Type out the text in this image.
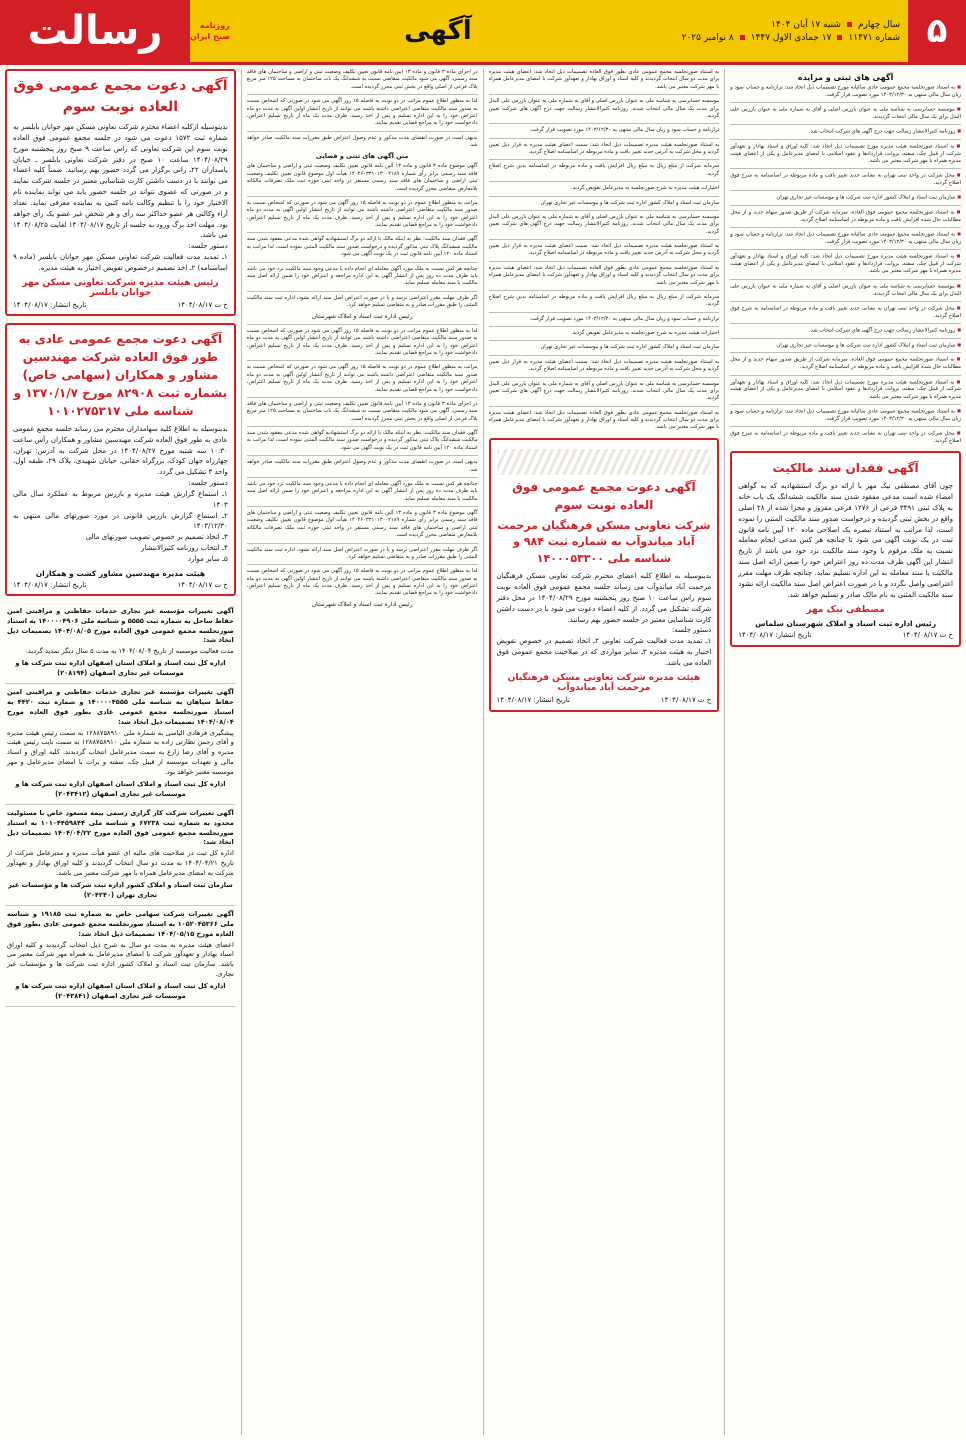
رسالت	روزنامه
صبح ایران	آگهی	سال چهارم
شنبه ۱۷ آبان ۱۴۰۴
شماره ۱۱۴۷۱
۱۷ جمادی الاول ۱۴۴۷
۸ نوامبر ۲۰۲۵	۵
آگهی های ثبتی و مزایده
■ به استناد صورتجلسه مجمع عمومی عادی سالیانه مورخ تصمیمات ذیل اتخاذ شد: ترازنامه و حساب سود و زیان سال مالی منتهی به ۱۴۰۳/۱۲/۳۰ مورد تصویب قرار گرفت.
■ موسسه حسابرسی به شناسه ملی به عنوان بازرس اصلی و آقای به شماره ملی به عنوان بازرس علی البدل برای یک سال مالی انتخاب گردیدند.
■ روزنامه کثیرالانتشار رسالت جهت درج آگهی های شرکت انتخاب شد.
■ به استناد صورتجلسه هیئت مدیره مورخ تصمیمات ذیل اتخاذ شد: کلیه اوراق و اسناد بهادار و تعهدآور شرکت از قبیل چک، سفته، بروات، قراردادها و عقود اسلامی با امضای مدیرعامل و یکی از اعضای هیئت مدیره همراه با مهر شرکت معتبر می باشد.
■ محل شرکت در واحد ثبتی تهران به نشانی جدید تغییر یافت و ماده مربوطه در اساسنامه به شرح فوق اصلاح گردید.
■ سازمان ثبت اسناد و املاک کشور اداره ثبت شرکت ها و موسسات غیر تجاری تهران
■ به استناد صورتجلسه مجمع عمومی فوق العاده، سرمایه شرکت از طریق صدور سهام جدید و از محل مطالبات حال شده افزایش یافت و ماده مربوطه در اساسنامه اصلاح گردید.
■ به استناد صورتجلسه مجمع عمومی عادی سالیانه مورخ تصمیمات ذیل اتخاذ شد: ترازنامه و حساب سود و زیان سال مالی منتهی به ۱۴۰۳/۱۲/۳۰ مورد تصویب قرار گرفت.
■ به استناد صورتجلسه هیئت مدیره مورخ تصمیمات ذیل اتخاذ شد: کلیه اوراق و اسناد بهادار و تعهدآور شرکت از قبیل چک، سفته، بروات، قراردادها و عقود اسلامی با امضای مدیرعامل و یکی از اعضای هیئت مدیره همراه با مهر شرکت معتبر می باشد.
■ موسسه حسابرسی به شناسه ملی به عنوان بازرس اصلی و آقای به شماره ملی به عنوان بازرس علی البدل برای یک سال مالی انتخاب گردیدند.
■ محل شرکت در واحد ثبتی تهران به نشانی جدید تغییر یافت و ماده مربوطه در اساسنامه به شرح فوق اصلاح گردید.
■ روزنامه کثیرالانتشار رسالت جهت درج آگهی های شرکت انتخاب شد.
■ سازمان ثبت اسناد و املاک کشور اداره ثبت شرکت ها و موسسات غیر تجاری تهران
■ به استناد صورتجلسه مجمع عمومی فوق العاده، سرمایه شرکت از طریق صدور سهام جدید و از محل مطالبات حال شده افزایش یافت و ماده مربوطه در اساسنامه اصلاح گردید.
■ به استناد صورتجلسه هیئت مدیره مورخ تصمیمات ذیل اتخاذ شد: کلیه اوراق و اسناد بهادار و تعهدآور شرکت از قبیل چک، سفته، بروات، قراردادها و عقود اسلامی با امضای مدیرعامل و یکی از اعضای هیئت مدیره همراه با مهر شرکت معتبر می باشد.
■ به استناد صورتجلسه مجمع عمومی عادی سالیانه مورخ تصمیمات ذیل اتخاذ شد: ترازنامه و حساب سود و زیان سال مالی منتهی به ۱۴۰۳/۱۲/۳۰ مورد تصویب قرار گرفت.
■ محل شرکت در واحد ثبتی تهران به نشانی جدید تغییر یافت و ماده مربوطه در اساسنامه به شرح فوق اصلاح گردید.
آگهی فقدان سند مالکیت
چون آقای مصطفی نیک مهر با ارائه دو برگ استشهادیه که به گواهی امضاء شده است مدعی مفقود شدن سند مالکیت ششدانگ یک باب خانه به پلاک ثبتی ۳۴۹۱ فرعی از ۱۲۷۶ فرعی مفروز و مجزا شده از ۲۸ اصلی واقع در بخش ثبتی گردیده و درخواست صدور سند مالکیت المثنی را نموده است، لذا مراتب به استناد تبصره یک اصلاحی ماده ۱۲۰ آیین نامه قانون ثبت در یک نوبت آگهی می شود تا چنانچه هر کس مدعی انجام معامله نسبت به ملک مرقوم یا وجود سند مالکیت نزد خود می باشد از تاریخ انتشار این آگهی ظرف مدت ده روز اعتراض خود را ضمن ارائه اصل سند مالکیت یا سند معامله به این اداره تسلیم نماید. چنانچه ظرف مهلت مقرر اعتراضی واصل نگردد و یا در صورت اعتراض اصل سند مالکیت ارائه نشود سند مالکیت المثنی به نام مالک صادر و تسلیم خواهد شد.
مصطفی نیک مهر
رئیس اداره ثبت اسناد و املاک شهرستان سلماس
خ ت ۱۴۰۴/۰۸/۱۷
تاریخ انتشار: ۱۴۰۴/۰۸/۱۷
به استناد صورتجلسه مجمع عمومی عادی بطور فوق العاده تصمیمات ذیل اتخاذ شد: اعضای هیئت مدیره برای مدت دو سال انتخاب گردیدند و کلیه اسناد و اوراق بهادار و تعهدآور شرکت با امضای مدیرعامل همراه با مهر شرکت معتبر می باشد.
موسسه حسابرسی به شناسه ملی به عنوان بازرس اصلی و آقای به شماره ملی به عنوان بازرس علی البدل برای مدت یک سال مالی انتخاب شدند. روزنامه کثیرالانتشار رسالت جهت درج آگهی های شرکت تعیین گردید.
ترازنامه و حساب سود و زیان سال مالی منتهی به ۱۴۰۳/۱۲/۳۰ مورد تصویب قرار گرفت.
به استناد صورتجلسه هیئت مدیره تصمیمات ذیل اتخاذ شد: سمت اعضای هیئت مدیره به قرار ذیل تعیین گردید و محل شرکت به آدرس جدید تغییر یافت و ماده مربوطه در اساسنامه اصلاح گردید.
سرمایه شرکت از مبلغ ریال به مبلغ ریال افزایش یافت و ماده مربوطه در اساسنامه بدین شرح اصلاح گردید.
اختیارات هیئت مدیره به شرح صورتجلسه به مدیرعامل تفویض گردید.
سازمان ثبت اسناد و املاک کشور اداره ثبت شرکت ها و موسسات غیر تجاری تهران
موسسه حسابرسی به شناسه ملی به عنوان بازرس اصلی و آقای به شماره ملی به عنوان بازرس علی البدل برای مدت یک سال مالی انتخاب شدند. روزنامه کثیرالانتشار رسالت جهت درج آگهی های شرکت تعیین گردید.
به استناد صورتجلسه هیئت مدیره تصمیمات ذیل اتخاذ شد: سمت اعضای هیئت مدیره به قرار ذیل تعیین گردید و محل شرکت به آدرس جدید تغییر یافت و ماده مربوطه در اساسنامه اصلاح گردید.
به استناد صورتجلسه مجمع عمومی عادی بطور فوق العاده تصمیمات ذیل اتخاذ شد: اعضای هیئت مدیره برای مدت دو سال انتخاب گردیدند و کلیه اسناد و اوراق بهادار و تعهدآور شرکت با امضای مدیرعامل همراه با مهر شرکت معتبر می باشد.
سرمایه شرکت از مبلغ ریال به مبلغ ریال افزایش یافت و ماده مربوطه در اساسنامه بدین شرح اصلاح گردید.
ترازنامه و حساب سود و زیان سال مالی منتهی به ۱۴۰۳/۱۲/۳۰ مورد تصویب قرار گرفت.
اختیارات هیئت مدیره به شرح صورتجلسه به مدیرعامل تفویض گردید.
سازمان ثبت اسناد و املاک کشور اداره ثبت شرکت ها و موسسات غیر تجاری تهران
به استناد صورتجلسه هیئت مدیره تصمیمات ذیل اتخاذ شد: سمت اعضای هیئت مدیره به قرار ذیل تعیین گردید و محل شرکت به آدرس جدید تغییر یافت و ماده مربوطه در اساسنامه اصلاح گردید.
موسسه حسابرسی به شناسه ملی به عنوان بازرس اصلی و آقای به شماره ملی به عنوان بازرس علی البدل برای مدت یک سال مالی انتخاب شدند. روزنامه کثیرالانتشار رسالت جهت درج آگهی های شرکت تعیین گردید.
به استناد صورتجلسه مجمع عمومی عادی بطور فوق العاده تصمیمات ذیل اتخاذ شد: اعضای هیئت مدیره برای مدت دو سال انتخاب گردیدند و کلیه اسناد و اوراق بهادار و تعهدآور شرکت با امضای مدیرعامل همراه با مهر شرکت معتبر می باشد.
آگهی دعوت مجمع عمومی فوق العاده نوبت سوم
شرکت تعاونی مسکن فرهنگیان مرحمت آباد میاندوآب به شماره ثبت ۹۸۴ و شناسه ملی ۱۴۰۰۰۵۳۳۰۰
بدینوسیله به اطلاع کلیه اعضای محترم شرکت تعاونی مسکن فرهنگیان مرحمت آباد میاندوآب می رساند جلسه مجمع عمومی فوق العاده نوبت سوم راس ساعت ۱۰ صبح روز پنجشنبه مورخ ۱۴۰۴/۰۸/۲۹ در محل دفتر شرکت تشکیل می گردد. از کلیه اعضاء دعوت می شود با در دست داشتن کارت شناسایی معتبر در جلسه حضور بهم رسانند.
دستور جلسه:
۱ـ تمدید مدت فعالیت شرکت تعاونی ۲ـ اتخاذ تصمیم در خصوص تفویض اختیار به هیئت مدیره ۳ـ سایر مواردی که در صلاحیت مجمع عمومی فوق العاده می باشد.
هیئت مدیره شرکت تعاونی مسکن فرهنگیان مرحمت آباد میاندوآب
خ ت ۱۴۰۴/۰۸/۱۷
تاریخ انتشار: ۱۴۰۴/۰۸/۱۷
در اجرای ماده ۳ قانون و ماده ۱۳ آیین نامه قانون تعیین تکلیف وضعیت ثبتی و اراضی و ساختمان های فاقد سند رسمی، آگهی می شود مالکیت متقاضی نسبت به ششدانگ یک باب ساختمان به مساحت ۱۲۵ متر مربع پلاک فرعی از اصلی واقع در بخش ثبتی محرز گردیده است.
لذا به منظور اطلاع عموم مراتب در دو نوبت به فاصله ۱۵ روز آگهی می شود در صورتی که اشخاص نسبت به صدور سند مالکیت متقاضی اعتراضی داشته باشند می توانند از تاریخ انتشار اولین آگهی به مدت دو ماه اعتراض خود را به این اداره تسلیم و پس از اخذ رسید، ظرف مدت یک ماه از تاریخ تسلیم اعتراض، دادخواست خود را به مراجع قضایی تقدیم نمایند.
بدیهی است در صورت انقضای مدت مذکور و عدم وصول اعتراض طبق مقررات سند مالکیت صادر خواهد شد.
متن آگهی های ثبتی و قضایی
آگهی موضوع ماده ۳ قانون و ماده ۱۳ آئین نامه قانون تعیین تکلیف وضعیت ثبتی و اراضی و ساختمان های فاقد سند رسمی برابر رأی شماره ۱۴۰۴۶۰۳۳۱۰۱۳۰۰۲۱۸۹ هیأت اول موضوع قانون تعیین تکلیف وضعیت ثبتی اراضی و ساختمان های فاقد سند رسمی مستقر در واحد ثبتی حوزه ثبت ملک تصرفات مالکانه بلامعارض متقاضی محرز گردیده است.
مراتب به منظور اطلاع عموم در دو نوبت به فاصله ۱۵ روز آگهی می شود در صورتی که اشخاص نسبت به صدور سند مالکیت متقاضی اعتراضی داشته باشند می توانند از تاریخ انتشار اولین آگهی به مدت دو ماه اعتراض خود را به این اداره تسلیم و پس از اخذ رسید، ظرف مدت یک ماه از تاریخ تسلیم اعتراض، دادخواست خود را به مراجع قضایی تقدیم نمایند.
آگهی فقدان سند مالکیت: نظر به اینکه مالک با ارائه دو برگ استشهادیه گواهی شده مدعی مفقود شدن سند مالکیت ششدانگ پلاک ثبتی مذکور گردیده و درخواست صدور سند مالکیت المثنی نموده است، لذا مراتب به استناد ماده ۱۲۰ آیین نامه قانون ثبت در یک نوبت آگهی می شود.
چنانچه هر کس نسبت به ملک مورد آگهی معامله ای انجام داده یا مدعی وجود سند مالکیت نزد خود می باشد باید ظرف مدت ده روز پس از انتشار آگهی به این اداره مراجعه و اعتراض خود را ضمن ارائه اصل سند مالکیت یا سند معامله تسلیم نماید.
اگر ظرف مهلت مقرر اعتراضی نرسد و یا در صورت اعتراض اصل سند ارائه نشود، اداره ثبت سند مالکیت المثنی را طبق مقررات صادر و به متقاضی تسلیم خواهد کرد.
رئیس اداره ثبت اسناد و املاک شهرستان
لذا به منظور اطلاع عموم مراتب در دو نوبت به فاصله ۱۵ روز آگهی می شود در صورتی که اشخاص نسبت به صدور سند مالکیت متقاضی اعتراضی داشته باشند می توانند از تاریخ انتشار اولین آگهی به مدت دو ماه اعتراض خود را به این اداره تسلیم و پس از اخذ رسید، ظرف مدت یک ماه از تاریخ تسلیم اعتراض، دادخواست خود را به مراجع قضایی تقدیم نمایند.
مراتب به منظور اطلاع عموم در دو نوبت به فاصله ۱۵ روز آگهی می شود در صورتی که اشخاص نسبت به صدور سند مالکیت متقاضی اعتراضی داشته باشند می توانند از تاریخ انتشار اولین آگهی به مدت دو ماه اعتراض خود را به این اداره تسلیم و پس از اخذ رسید، ظرف مدت یک ماه از تاریخ تسلیم اعتراض، دادخواست خود را به مراجع قضایی تقدیم نمایند.
در اجرای ماده ۳ قانون و ماده ۱۳ آیین نامه قانون تعیین تکلیف وضعیت ثبتی و اراضی و ساختمان های فاقد سند رسمی، آگهی می شود مالکیت متقاضی نسبت به ششدانگ یک باب ساختمان به مساحت ۱۲۵ متر مربع پلاک فرعی از اصلی واقع در بخش ثبتی محرز گردیده است.
آگهی فقدان سند مالکیت: نظر به اینکه مالک با ارائه دو برگ استشهادیه گواهی شده مدعی مفقود شدن سند مالکیت ششدانگ پلاک ثبتی مذکور گردیده و درخواست صدور سند مالکیت المثنی نموده است، لذا مراتب به استناد ماده ۱۲۰ آیین نامه قانون ثبت در یک نوبت آگهی می شود.
بدیهی است در صورت انقضای مدت مذکور و عدم وصول اعتراض طبق مقررات سند مالکیت صادر خواهد شد.
چنانچه هر کس نسبت به ملک مورد آگهی معامله ای انجام داده یا مدعی وجود سند مالکیت نزد خود می باشد باید ظرف مدت ده روز پس از انتشار آگهی به این اداره مراجعه و اعتراض خود را ضمن ارائه اصل سند مالکیت یا سند معامله تسلیم نماید.
آگهی موضوع ماده ۳ قانون و ماده ۱۳ آئین نامه قانون تعیین تکلیف وضعیت ثبتی و اراضی و ساختمان های فاقد سند رسمی برابر رأی شماره ۱۴۰۴۶۰۳۳۱۰۱۳۰۰۲۱۸۹ هیأت اول موضوع قانون تعیین تکلیف وضعیت ثبتی اراضی و ساختمان های فاقد سند رسمی مستقر در واحد ثبتی حوزه ثبت ملک تصرفات مالکانه بلامعارض متقاضی محرز گردیده است.
اگر ظرف مهلت مقرر اعتراضی نرسد و یا در صورت اعتراض اصل سند ارائه نشود، اداره ثبت سند مالکیت المثنی را طبق مقررات صادر و به متقاضی تسلیم خواهد کرد.
لذا به منظور اطلاع عموم مراتب در دو نوبت به فاصله ۱۵ روز آگهی می شود در صورتی که اشخاص نسبت به صدور سند مالکیت متقاضی اعتراضی داشته باشند می توانند از تاریخ انتشار اولین آگهی به مدت دو ماه اعتراض خود را به این اداره تسلیم و پس از اخذ رسید، ظرف مدت یک ماه از تاریخ تسلیم اعتراض، دادخواست خود را به مراجع قضایی تقدیم نمایند.
رئیس اداره ثبت اسناد و املاک شهرستان
آگهی دعوت مجمع عمومی فوق العاده نوبت سوم
بدینوسیله ازکلیه اعضاء محترم شرکت تعاونی مسکن مهر جوانان بابلسر به شماره ثبت ۱۵۷۲ دعوت می شود در جلسه مجمع عمومی فوق العاده نوبت سوم این شرکت تعاونی که راس ساعت ۹ صبح روز پنجشنبه مورخ ۱۴۰۴/۰۸/۲۹ ساعت ۱۰ صبح در دفتر شرکت تعاونی بابلسر ـ خیابان پاسداران ۲۲ـ رانی برگزار می گردد حضور بهم رسانید. ضمناً کلیه اعضاء می توانند با در دست داشتن کارت شناسایی معتبر در جلسه شرکت نمایند و در صورتی که عضوی نتواند در جلسه حضور یابد می تواند نماینده تام الاختیار خود را با تنظیم وکالت نامه کتبی به نماینده معرفی نماید. تعداد آراء وکالتی هر عضو حداکثر سه رأی و هر شخص غیر عضو یک رأی خواهد بود. مهلت اخذ برگ ورود به جلسه از تاریخ ۱۴۰۴/۰۸/۱۷ لغایت ۱۴۰۴/۰۸/۲۵ می باشد.
دستور جلسه:
۱ـ تمدید مدت فعالیت شرکت تعاونی مسکن مهر جوانان بابلسر (ماده ۹ اساسنامه) ۲ـ اخذ تصمیم درخصوص تفویض اختیار به هیئت مدیره.
رئیس هیئت مدیره شرکت تعاونی مسکن مهر جوانان بابلسر
خ ت ۱۴۰۴/۰۸/۱۷
تاریخ انتشار: ۱۴۰۴/۰۸/۱۷
آگهی دعوت مجمع عمومی عادی به طور فوق العاده شرکت مهندسین مشاور و همکاران (سهامی خاص) بشماره ثبت ۸۲۹۰۸ مورخ ۱۳۷۰/۱/۷ و شناسه ملی ۱۰۱۰۲۷۵۳۱۷
بدینوسیله به اطلاع کلیه سهامداران محترم می رساند جلسه مجمع عمومی عادی به طور فوق العاده شرکت مهندسین مشاور و همکاران رأس ساعت ۱۰:۳۰ سه شنبه مورخ ۱۴۰۴/۰۸/۲۷ در محل شرکت به آدرس: تهران، چهارراه جهان کودک، بزرگراه حقانی، خیابان شهیدی، پلاک ۲۹، طبقه اول، واحد ۳ تشکیل می گردد.
دستور جلسه:
۱ـ استماع گزارش هیئت مدیره و بازرس مربوط به عملکرد سال مالی ۱۴۰۳
۲ـ استماع گزارش بازرس قانونی در مورد صورتهای مالی منتهی به ۱۴۰۳/۱۲/۳۰
۳ـ اتخاذ تصمیم بر خصوص تصویب صورتهای مالی
۴ـ انتخاب روزنامه کثیرالانتشار
۵ـ سایر موارد
هیئت مدیره مهندسین مشاور کشت و همکاران
خ ت ۱۴۰۴/۰۸/۱۷
تاریخ انتشار: ۱۴۰۴/۰۸/۱۷
آگهی تغییرات مؤسسه غیر تجاری خدمات حفاظتی و مراقبتی امین حفاظ ساحل به شماره ثبت ۵۵۵۵ و شناسه ملی ۱۴۰۰۰۰۴۹۰۶ به استناد صورتجلسه مجمع عمومی فوق العاده مورخ ۱۴۰۴/۰۸/۰۵ تصمیمات ذیل اتخاذ شد:
مدت فعالیت موسسه از تاریخ ۱۴۰۴/۰۸/۰۴ به مدت ۵ سال دیگر تمدید گردید.
اداره کل ثبت اسناد و املاک استان اصفهان اداره ثبت شرکت ها و موسسات غیر تجاری اصفهان (۲۰۸۱۹۴)
آگهی تغییرات مؤسسه غیر تجاری خدمات حفاظتی و مراقبتی امین حفاظ سپاهان به شناسه ملی ۱۴۰۰۰۰۴۵۵۵ و شماره ثبت ۴۴۲۰ به استناد صورتجلسه مجمع عمومی عادی بطور فوق العاده مورخ ۱۴۰۴/۰۸/۰۴ تصمیمات ذیل اتخاذ شد:
پیشگیری فرهادی الیاسی به شماره ملی ۱۲۸۸۷۵۸۹۱۰ به سمت رئیس هیئت مدیره و آقای رحمن نظارتی زاده به شماره ملی ۱۲۸۸۷۵۸۹۱۰ به سمت نایب رئیس هیئت مدیره و آقای رضا زارع به سمت مدیرعامل انتخاب گردیدند. کلیه اوراق و اسناد مالی و تعهدات موسسه از قبیل چک، سفته و برات با امضای مدیرعامل و مهر موسسه معتبر خواهد بود.
اداره کل ثبت اسناد و املاک استان اصفهان اداره ثبت شرکت ها و موسسات غیر تجاری اصفهان (۲۰۴۳۴۱۲)
آگهی تغییرات شرکت کار گزاری رسمی بیمه مسعود خاص با مسئولیت محدود به شماره ثبت ۶۷۲۳۸ و شناسه ملی ۱۰۱۰۴۴۵۹۸۴۴ به استناد صورتجلسه مجمع عمومی فوق العاده مورخ ۱۴۰۴/۰۴/۲۲ تصمیمات ذیل اتخاذ شد:
اداره کل ثبت در صلاحیت های مالیه ای عضو هیأت مدیره و مدیرعامل شرکت از تاریخ ۱۴۰۴/۰۴/۲۱ به مدت دو سال انتخاب گردیدند و کلیه اوراق بهادار و تعهدآور شرکت به امضای مدیرعامل همراه با مهر شرکت معتبر می باشد.
سازمان ثبت اسناد و املاک کشور اداره ثبت شرکت ها و مؤسسات غیر تجاری تهران (۲۰۴۲۴۰)
آگهی تغییرات شرکت سهامی خاص به شماره ثبت ۱۹۱۸۵ و شناسه ملی ۱۰۵۲۰۴۵۳۶۶ به استناد صورتجلسه مجمع عمومی عادی بطور فوق العاده مورخ ۱۴۰۴/۰۵/۱۵ تصمیمات ذیل اتخاذ شد:
اعضای هیئت مدیره به مدت دو سال به شرح ذیل انتخاب گردیدند و کلیه اوراق اسناد بهادار و تعهدآور شرکت با امضای مدیرعامل به همراه مهر شرکت معتبر می باشد. سازمان ثبت اسناد و املاک کشور اداره ثبت شرکت ها و مؤسسات غیر تجاری.
اداره کل ثبت اسناد و املاک استان اصفهان اداره ثبت شرکت ها و موسسات غیر تجاری اصفهان (۲۰۴۳۸۴۱)
